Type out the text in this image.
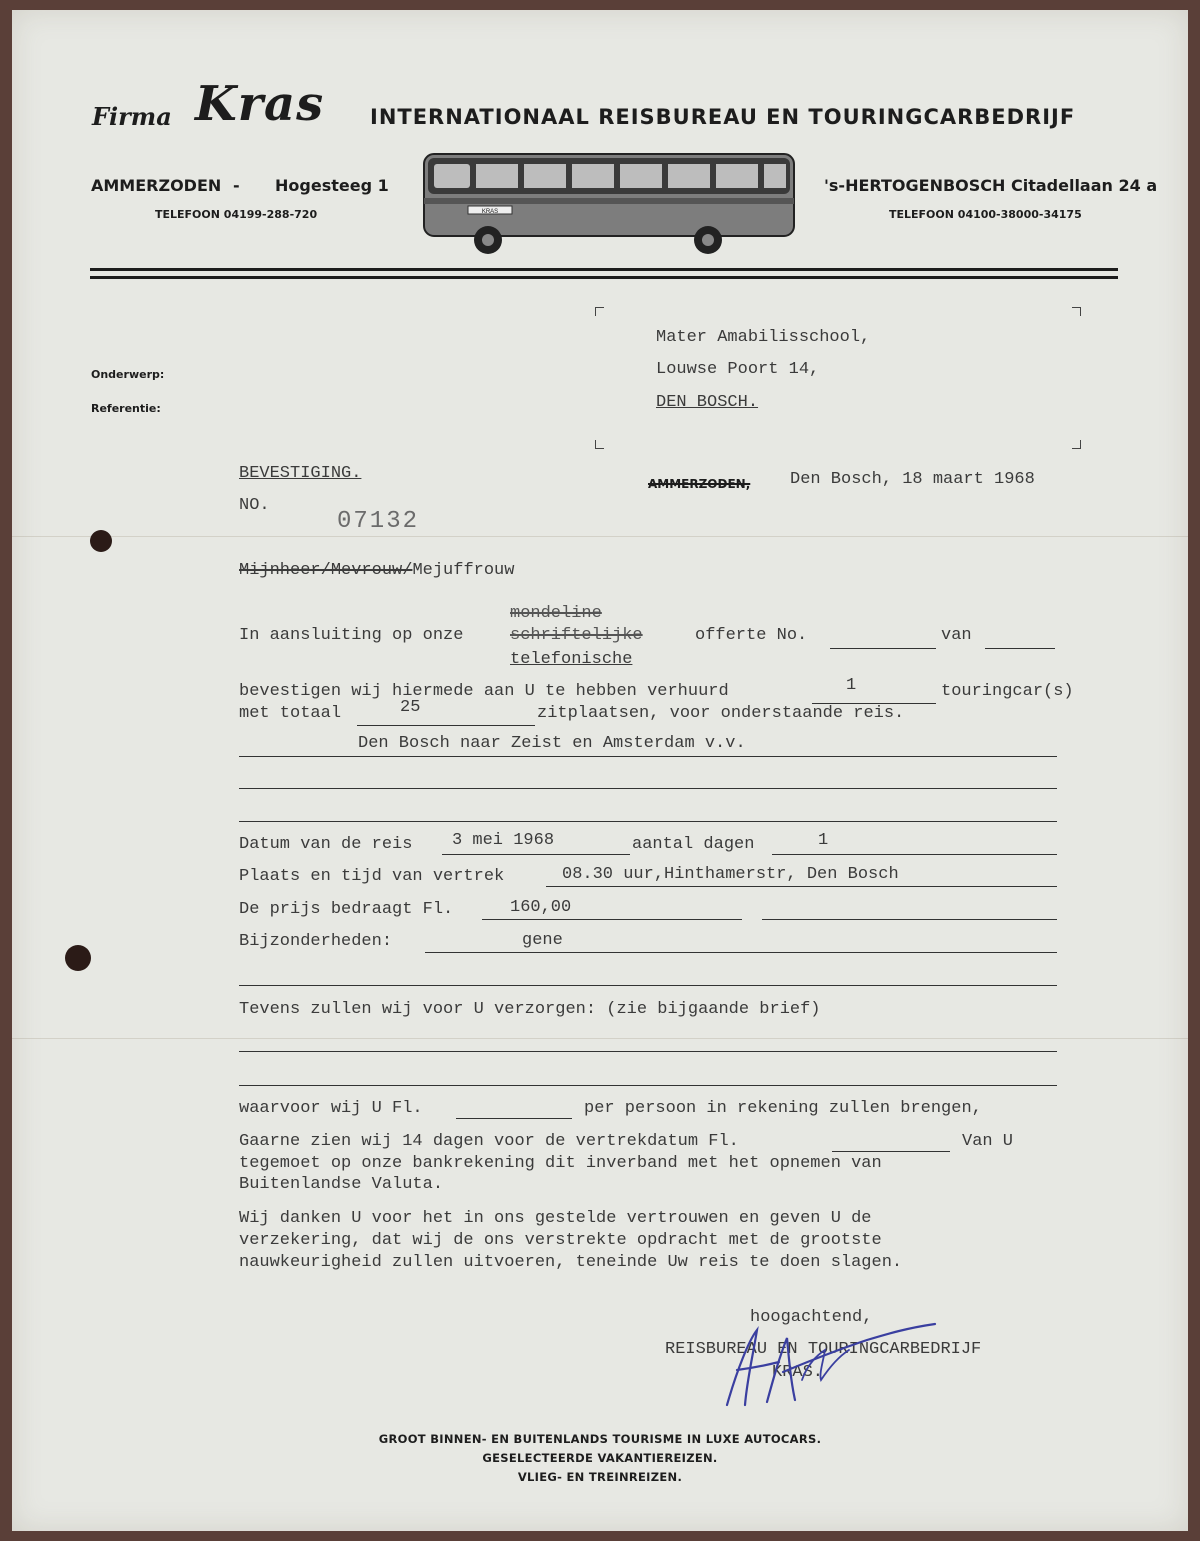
Firma Kras INTERNATIONAAL REISBUREAU EN TOURINGCARBEDRIJF
AMMERZODEN - Hogesteeg 1
TELEFOON 04199-288-720
's-HERTOGENBOSCH Citadellaan 24 a
TELEFOON 04100-38000-34175
KRAS
Onderwerp:
Referentie:
Mater Amabilisschool,
Louwse Poort 14,
DEN BOSCH.
BEVESTIGING.
NO.
07132
AMMERZODEN, Den Bosch, 18 maart 1968
Mijnheer/Mevrouw/Mejuffrouw
mondeline
In aansluiting op onze	schriftelijke	offerte No.	van
telefonische
bevestigen wij hiermede aan U te hebben verhuurd	1	touringcar(s)
met totaal	25	zitplaatsen, voor onderstaande reis.
Den Bosch naar Zeist en Amsterdam v.v.
Datum van de reis 3 mei 1968	aantal dagen	1
Plaats en tijd van vertrek	08.30 uur,Hinthamerstr, Den Bosch
De prijs bedraagt Fl.	160,00
Bijzonderheden:	gene
Tevens zullen wij voor U verzorgen: (zie bijgaande brief)
waarvoor wij U Fl.	per persoon in rekening zullen brengen,
Gaarne zien wij 14 dagen voor de vertrekdatum Fl.	Van U
tegemoet op onze bankrekening dit inverband met het opnemen van
Buitenlandse Valuta.
Wij danken U voor het in ons gestelde vertrouwen en geven U de
verzekering, dat wij de ons verstrekte opdracht met de grootste
nauwkeurigheid zullen uitvoeren, teneinde Uw reis te doen slagen.
hoogachtend,
REISBUREAU EN TOURINGCARBEDRIJF
KRAS.
GROOT BINNEN- EN BUITENLANDS TOURISME IN LUXE AUTOCARS.
GESELECTEERDE VAKANTIEREIZEN.
VLIEG- EN TREINREIZEN.
